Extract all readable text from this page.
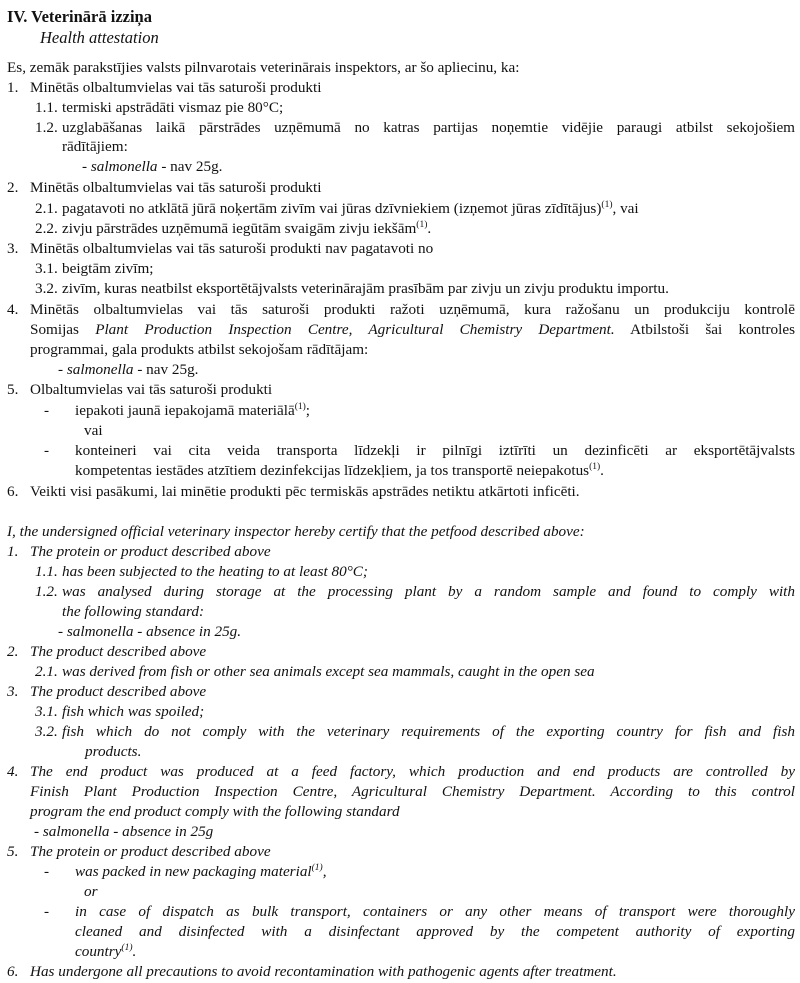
IV. Veterinārā izziņa
Health attestation
Es, zemāk parakstījies valsts pilnvarotais veterinārais inspektors, ar šo apliecinu, ka:
1. Minētās olbaltumvielas vai tās saturoši produkti
1.1. termiski apstrādāti vismaz pie 80°C;
1.2. uzglabāšanas laikā pārstrādes uzņēmumā no katras partijas noņemtie vidējie paraugi atbilst sekojošiem
rādītājiem:
- salmonella - nav 25g.
2. Minētās olbaltumvielas vai tās saturoši produkti
2.1. pagatavoti no atklātā jūrā noķertām zivīm vai jūras dzīvniekiem (izņemot jūras zīdītājus)$^{(1)}$, vai
2.2. zivju pārstrādes uzņēmumā iegūtām svaigām zivju iekšām$^{(1)}$.
3. Minētās olbaltumvielas vai tās saturoši produkti nav pagatavoti no
3.1. beigtām zivīm;
3.2. zivīm, kuras neatbilst eksportētājvalsts veterinārajām prasībām par zivju un zivju produktu importu.
4. Minētās olbaltumvielas vai tās saturoši produkti ražoti uzņēmumā, kura ražošanu un produkciju kontrolē
Somijas Plant Production Inspection Centre, Agricultural Chemistry Department. Atbilstoši šai kontroles
programmai, gala produkts atbilst sekojošam rādītājam:
- salmonella - nav 25g.
5. Olbaltumvielas vai tās saturoši produkti
- iepakoti jaunā iepakojamā materiālā$^{(1)}$;
vai
- konteineri vai cita veida transporta līdzekļi ir pilnīgi iztīrīti un dezinficēti ar eksportētājvalsts
kompetentas iestādes atzītiem dezinfekcijas līdzekļiem, ja tos transportē neiepakotus$^{(1)}$.
6. Veikti visi pasākumi, lai minētie produkti pēc termiskās apstrādes netiktu atkārtoti inficēti.
I, the undersigned official veterinary inspector hereby certify that the petfood described above:
1. The protein or product described above
1.1. has been subjected to the heating to at least 80°C;
1.2. was analysed during storage at the processing plant by a random sample and found to comply with
the following standard:
- salmonella - absence in 25g.
2. The product described above
2.1. was derived from fish or other sea animals except sea mammals, caught in the open sea
3. The product described above
3.1. fish which was spoiled;
3.2. fish which do not comply with the veterinary requirements of the exporting country for fish and fish
products.
4. The end product was produced at a feed factory, which production and end products are controlled by
Finish Plant Production Inspection Centre, Agricultural Chemistry Department. According to this control
program the end product comply with the following standard
- salmonella - absence in 25g
5. The protein or product described above
- was packed in new packaging material$^{(1)}$,
or
- in case of dispatch as bulk transport, containers or any other means of transport were thoroughly
cleaned and disinfected with a disinfectant approved by the competent authority of exporting
country$^{(1)}$.
6. Has undergone all precautions to avoid recontamination with pathogenic agents after treatment.
